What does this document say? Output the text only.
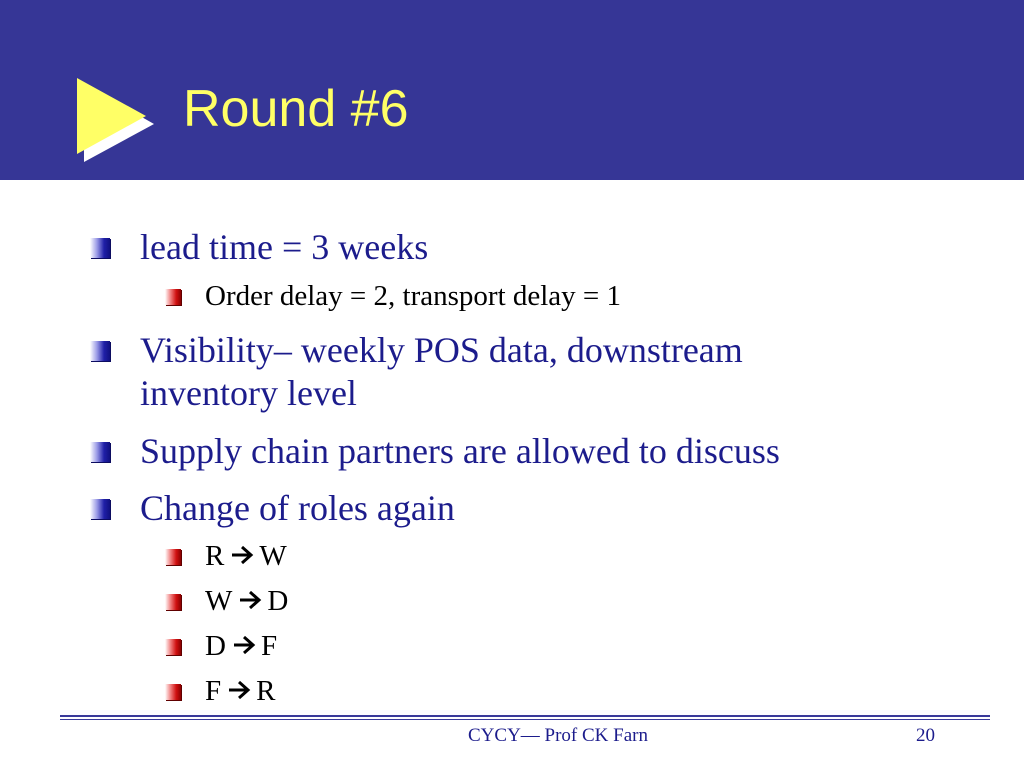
Round #6
lead time = 3 weeks
Order delay = 2, transport delay = 1
Visibility– weekly POS data, downstream
inventory level
Supply chain partners are allowed to discuss
Change of roles again
R W
W D
D F
F R
CYCY— Prof CK Farn	20
